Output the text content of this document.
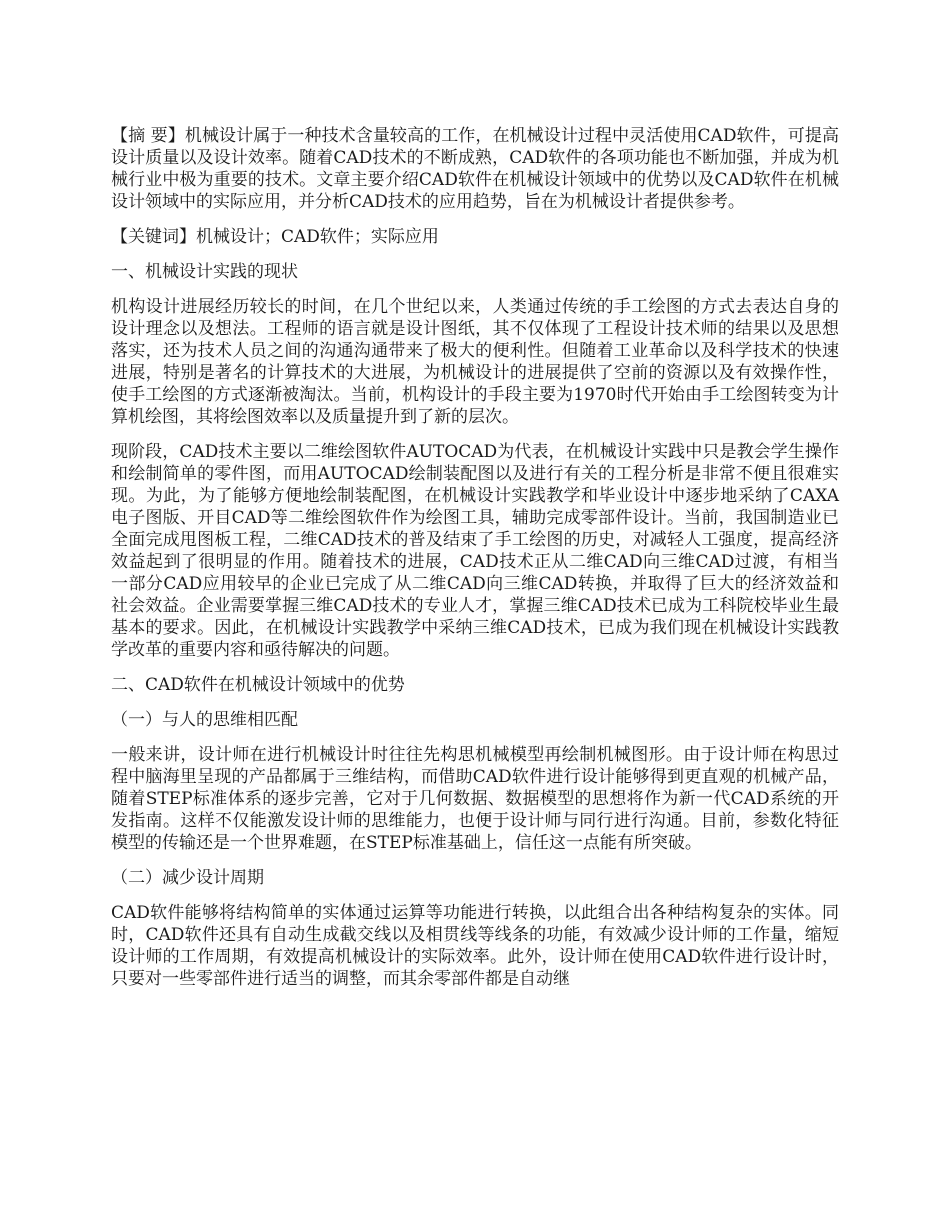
【摘 要】机械设计属于一种技术含量较高的工作，在机械设计过程中灵活使用CAD软件，可提高设计质量以及设计效率。随着CAD技术的不断成熟，CAD软件的各项功能也不断加强，并成为机械行业中极为重要的技术。文章主要介绍CAD软件在机械设计领域中的优势以及CAD软件在机械设计领域中的实际应用，并分析CAD技术的应用趋势，旨在为机械设计者提供参考。

【关键词】机械设计；CAD软件；实际应用

一、机械设计实践的现状

机构设计进展经历较长的时间，在几个世纪以来，人类通过传统的手工绘图的方式去表达自身的设计理念以及想法。工程师的语言就是设计图纸，其不仅体现了工程设计技术师的结果以及思想落实，还为技术人员之间的沟通沟通带来了极大的便利性。但随着工业革命以及科学技术的快速进展，特别是著名的计算技术的大进展，为机械设计的进展提供了空前的资源以及有效操作性，使手工绘图的方式逐渐被淘汰。当前，机构设计的手段主要为1970时代开始由手工绘图转变为计算机绘图，其将绘图效率以及质量提升到了新的层次。

现阶段，CAD技术主要以二维绘图软件AUTOCAD为代表，在机械设计实践中只是教会学生操作和绘制简单的零件图，而用AUTOCAD绘制装配图以及进行有关的工程分析是非常不便且很难实现。为此，为了能够方便地绘制装配图，在机械设计实践教学和毕业设计中逐步地采纳了CAXA电子图版、开目CAD等二维绘图软件作为绘图工具，辅助完成零部件设计。当前，我国制造业已全面完成甩图板工程，二维CAD技术的普及结束了手工绘图的历史，对减轻人工强度，提高经济效益起到了很明显的作用。随着技术的进展，CAD技术正从二维CAD向三维CAD过渡，有相当一部分CAD应用较早的企业已完成了从二维CAD向三维CAD转换，并取得了巨大的经济效益和社会效益。企业需要掌握三维CAD技术的专业人才，掌握三维CAD技术已成为工科院校毕业生最基本的要求。因此，在机械设计实践教学中采纳三维CAD技术，已成为我们现在机械设计实践教学改革的重要内容和亟待解决的问题。

二、CAD软件在机械设计领域中的优势

（一）与人的思维相匹配

一般来讲，设计师在进行机械设计时往往先构思机械模型再绘制机械图形。由于设计师在构思过程中脑海里呈现的产品都属于三维结构，而借助CAD软件进行设计能够得到更直观的机械产品，随着STEP标准体系的逐步完善，它对于几何数据、数据模型的思想将作为新一代CAD系统的开发指南。这样不仅能激发设计师的思维能力，也便于设计师与同行进行沟通。目前，参数化特征模型的传输还是一个世界难题，在STEP标准基础上，信任这一点能有所突破。

（二）减少设计周期

CAD软件能够将结构简单的实体通过运算等功能进行转换，以此组合出各种结构复杂的实体。同时，CAD软件还具有自动生成截交线以及相贯线等线条的功能，有效减少设计师的工作量，缩短设计师的工作周期，有效提高机械设计的实际效率。此外，设计师在使用CAD软件进行设计时，只要对一些零部件进行适当的调整，而其余零部件都是自动继
